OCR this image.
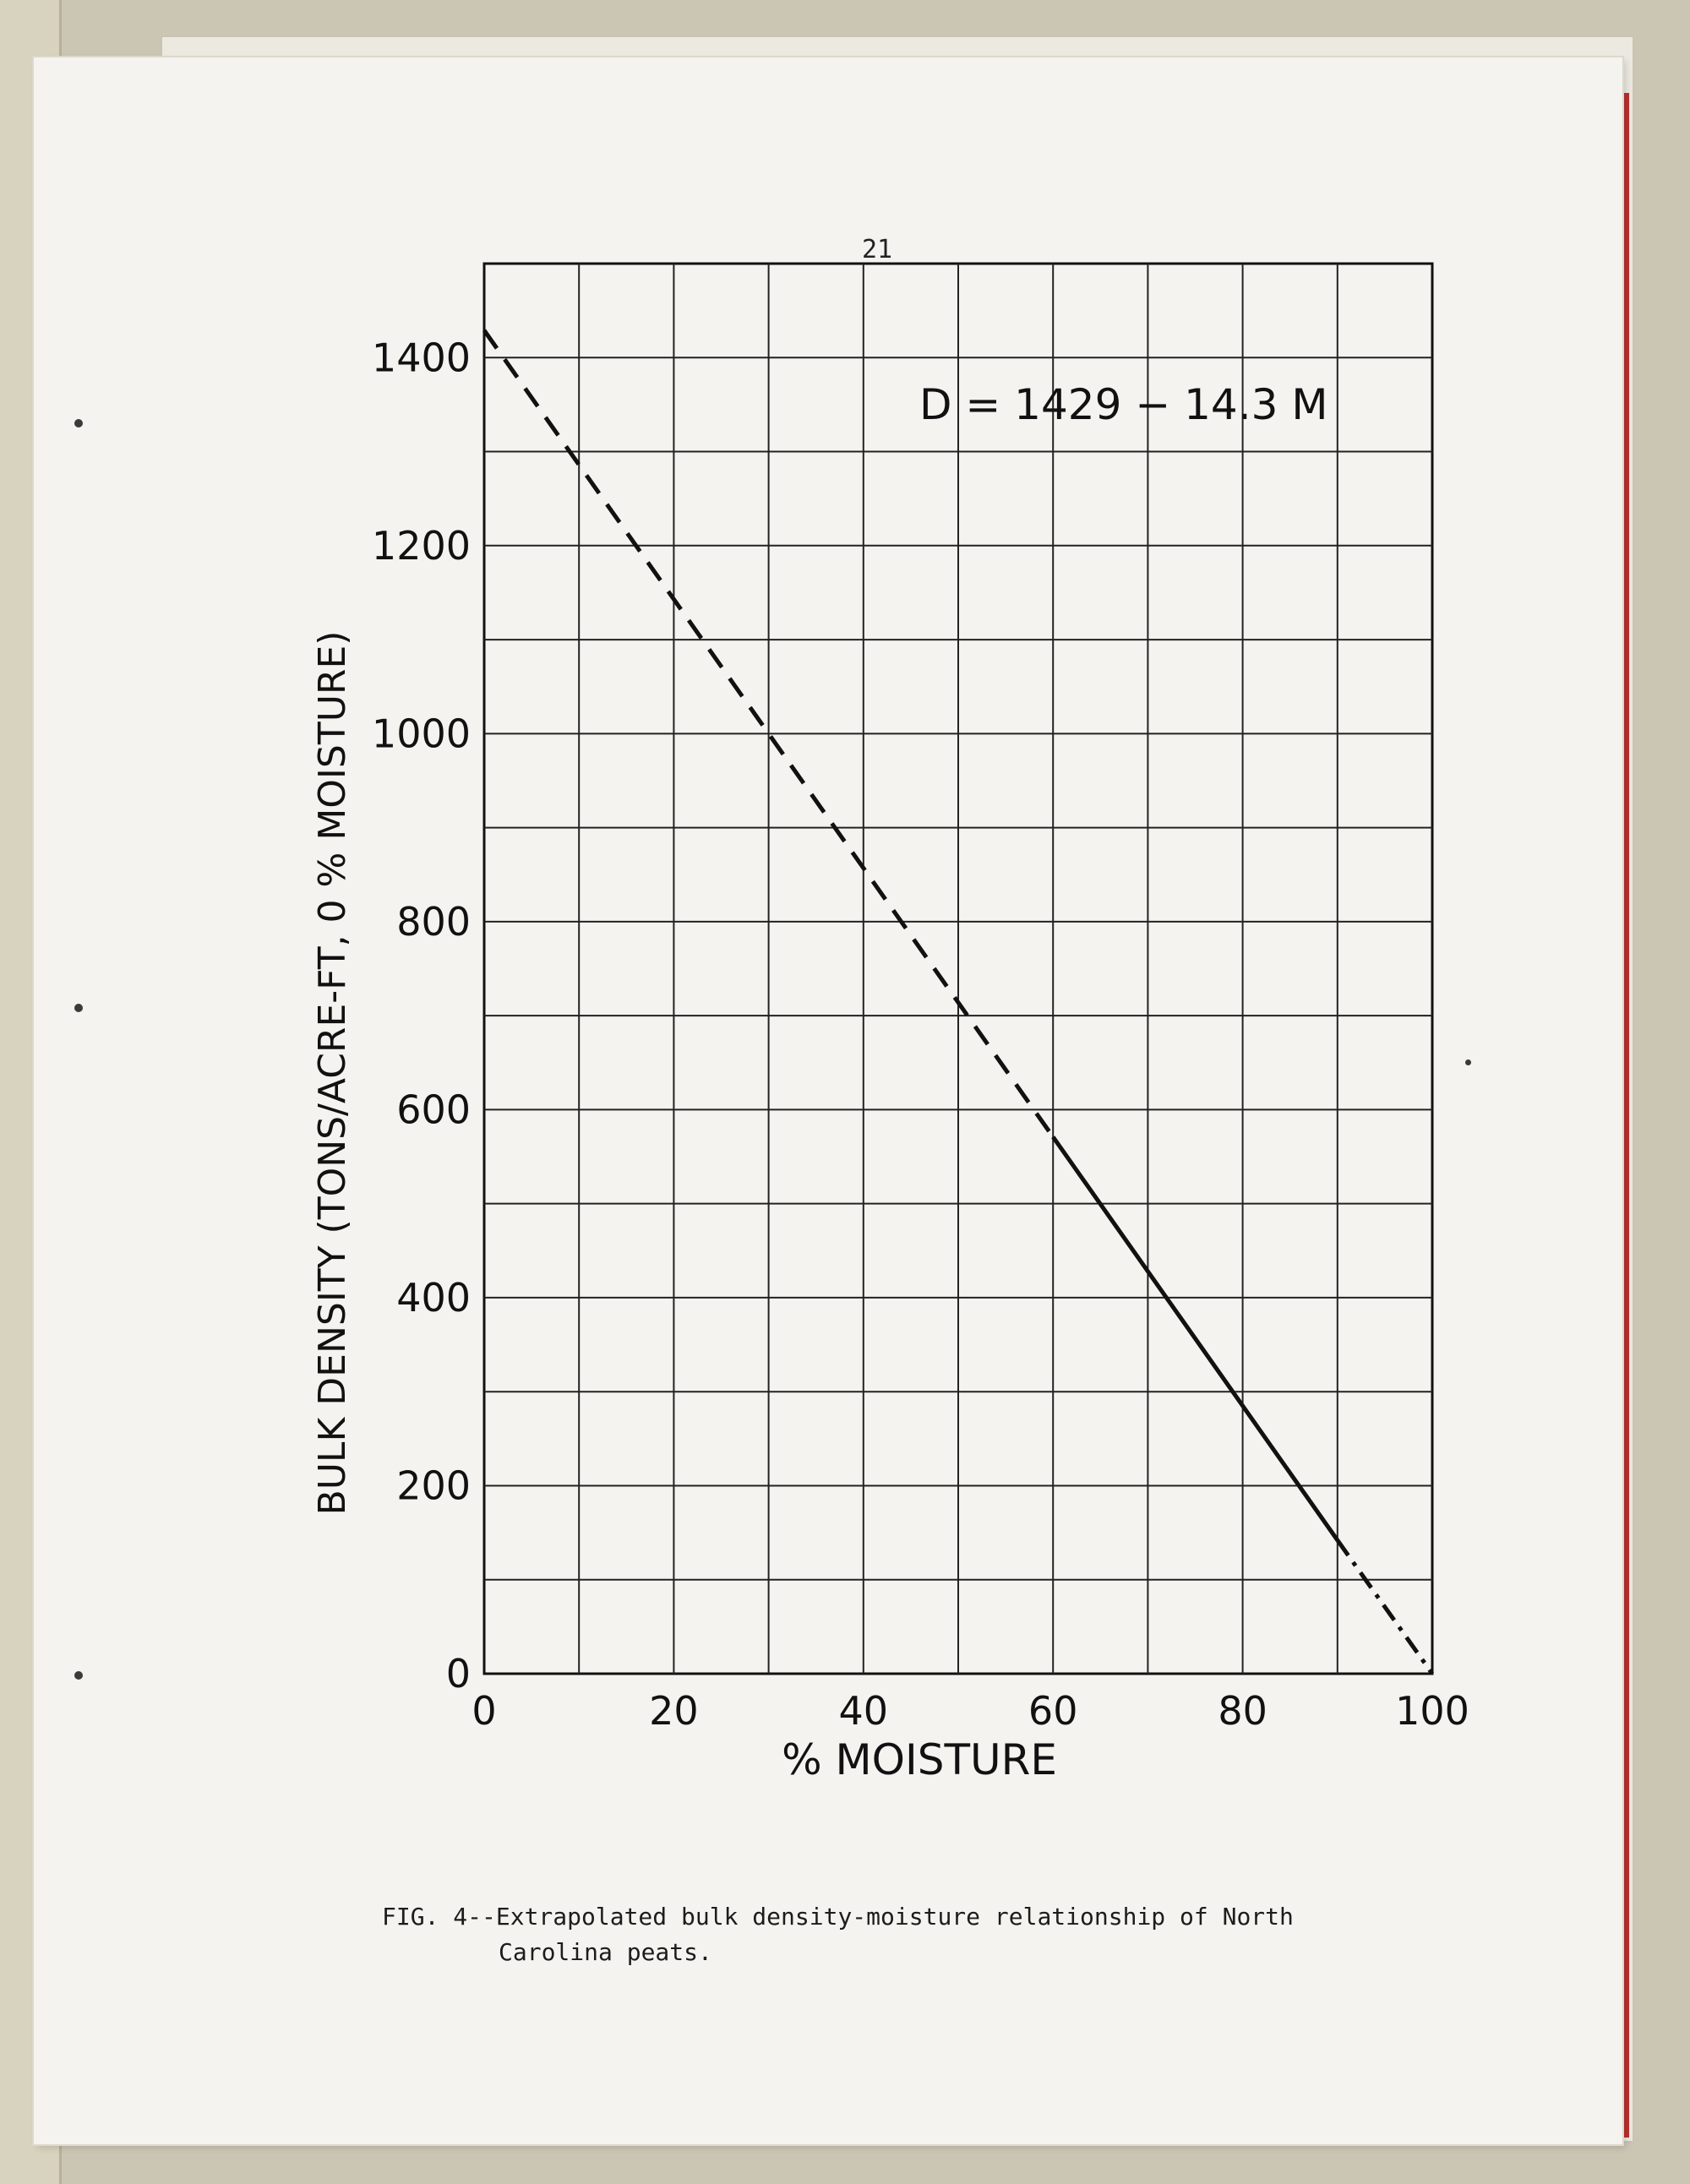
21
0	20	40	60	80	100
0
200
400
600
800
1000
1200
1400
D = 1429 − 14.3 M
% MOISTURE
BULK DENSITY (TONS/ACRE-FT, 0 % MOISTURE)
FIG. 4--Extrapolated bulk density-moisture relationship of North
Carolina peats.
